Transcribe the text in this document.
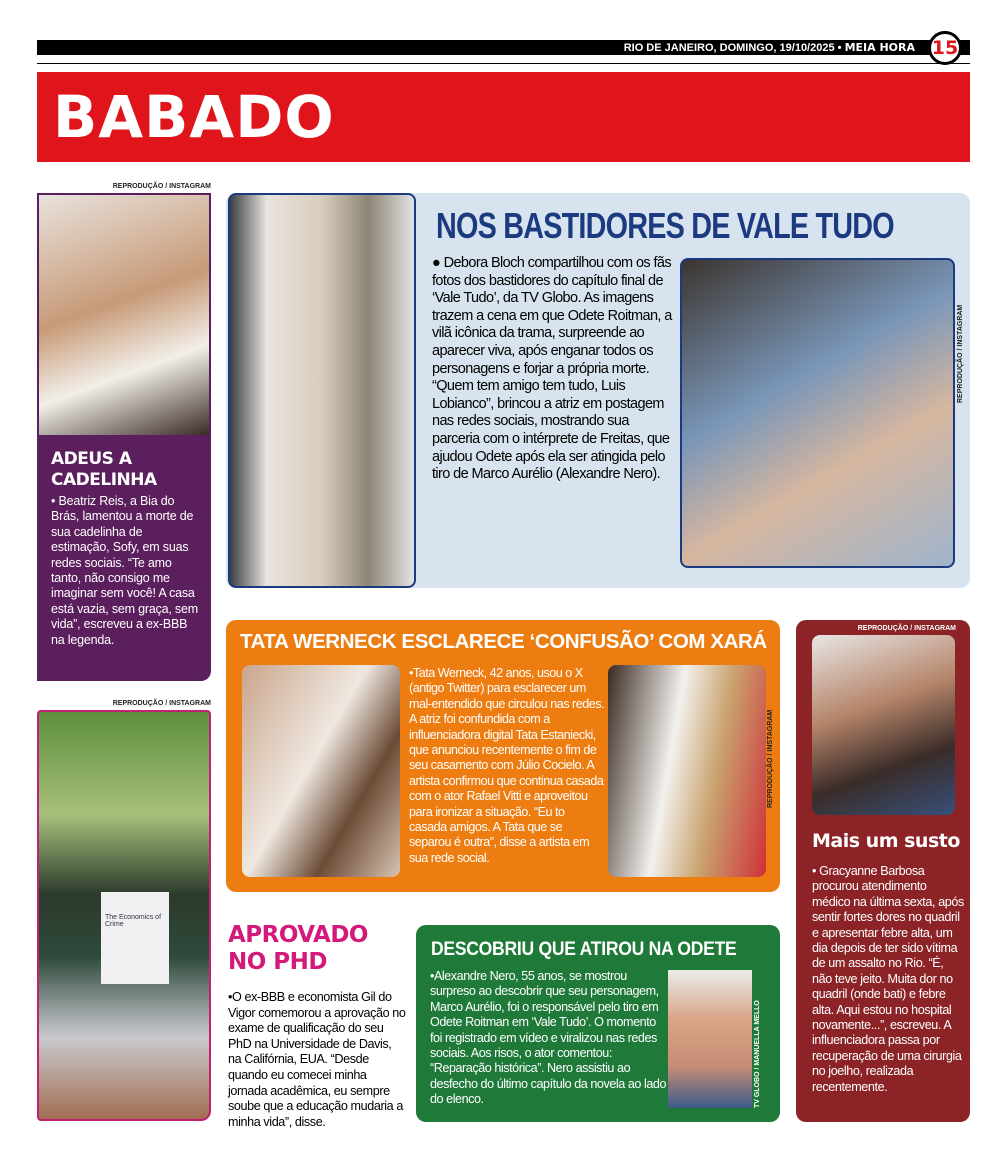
RIO DE JANEIRO, DOMINGO, 19/10/2025 • MEIA HORA 15
BABADO
REPRODUÇÃO / INSTAGRAM
ADEUS A CADELINHA
• Beatriz Reis, a Bia do Brás, lamentou a morte de sua cadelinha de estimação, Sofy, em suas redes sociais. “Te amo tanto, não consigo me imaginar sem você! A casa está vazia, sem graça, sem vida”, escreveu a ex-BBB na legenda.
NOS BASTIDORES DE VALE TUDO
● Debora Bloch compartilhou com os fãs fotos dos bastidores do capítulo final de ‘Vale Tudo’, da TV Globo. As imagens trazem a cena em que Odete Roitman, a vilã icônica da trama, surpreende ao aparecer viva, após enganar todos os personagens e forjar a própria morte. “Quem tem amigo tem tudo, Luis Lobianco”, brincou a atriz em postagem nas redes sociais, mostrando sua parceria com o intérprete de Freitas, que ajudou Odete após ela ser atingida pelo tiro de Marco Aurélio (Alexandre Nero).
REPRODUÇÃO / INSTAGRAM
TATA WERNECK ESCLARECE ‘CONFUSÃO’ COM XARÁ
•Tata Werneck, 42 anos, usou o X (antigo Twitter) para esclarecer um mal-entendido que circulou nas redes. A atriz foi confundida com a influenciadora digital Tata Estaniecki, que anunciou recentemente o fim de seu casamento com Júlio Cocielo. A artista confirmou que continua casada com o ator Rafael Vitti e aproveitou para ironizar a situação. “Eu to casada amigos. A Tata que se separou é outra”, disse a artista em sua rede social.
REPRODUÇÃO / INSTAGRAM
REPRODUÇÃO / INSTAGRAM
Mais um susto
• Gracyanne Barbosa procurou atendimento médico na última sexta, após sentir fortes dores no quadril e apresentar febre alta, um dia depois de ter sido vítima de um assalto no Rio. “É, não teve jeito. Muita dor no quadril (onde bati) e febre alta. Aqui estou no hospital novamente...”, escreveu. A influenciadora passa por recuperação de uma cirurgia no joelho, realizada recentemente.
REPRODUÇÃO / INSTAGRAM
The Economics of Crime	APROVADO NO PHD
•O ex-BBB e economista Gil do Vigor comemorou a aprovação no exame de qualificação do seu PhD na Universidade de Davis, na Califórnia, EUA. “Desde quando eu comecei minha jornada acadêmica, eu sempre soube que a educação mudaria a minha vida”, disse.
DESCOBRIU QUE ATIROU NA ODETE
•Alexandre Nero, 55 anos, se mostrou surpreso ao descobrir que seu personagem, Marco Aurélio, foi o responsável pelo tiro em Odete Roitman em ‘Vale Tudo’. O momento foi registrado em vídeo e viralizou nas redes sociais. Aos risos, o ator comentou: “Reparação histórica”. Nero assistiu ao desfecho do último capítulo da novela ao lado do elenco.	TV GLOBO / MANUELLA MELLO
